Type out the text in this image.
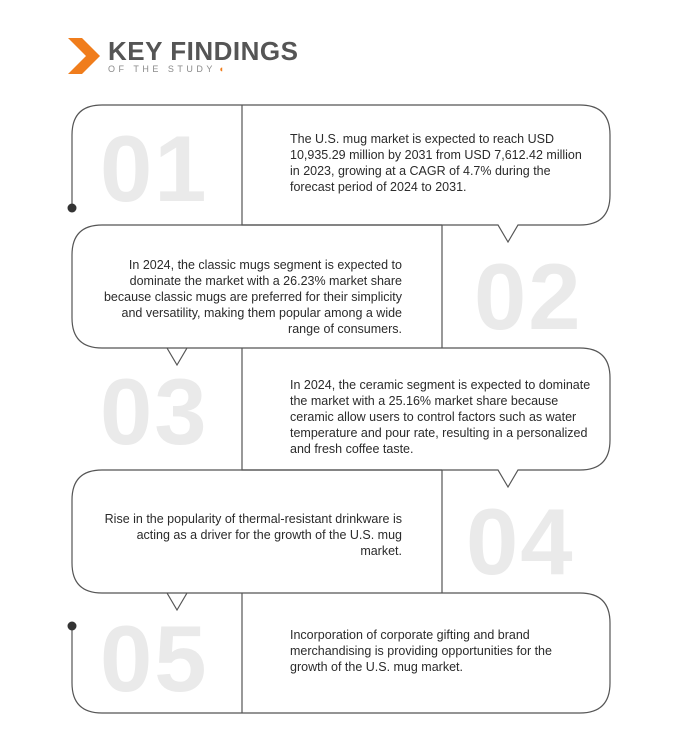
KEY FINDINGS
OF THE STUDY ◖
01	The U.S. mug market is expected to reach USD 10,935.29 million by 2031 from USD 7,612.42 million in 2023, growing at a CAGR of 4.7% during the forecast period of 2024 to 2031.
02
In 2024, the classic mugs segment is expected to dominate the market with a 26.23% market share because classic mugs are preferred for their simplicity and versatility, making them popular among a wide range of consumers.
03	In 2024, the ceramic segment is expected to dominate the market with a 25.16% market share because ceramic allow users to control factors such as water temperature and pour rate, resulting in a personalized and fresh coffee taste.
04
Rise in the popularity of thermal-resistant drinkware is acting as a driver for the growth of the U.S. mug market.
05	Incorporation of corporate gifting and brand merchandising is providing opportunities for the growth of the U.S. mug market.
